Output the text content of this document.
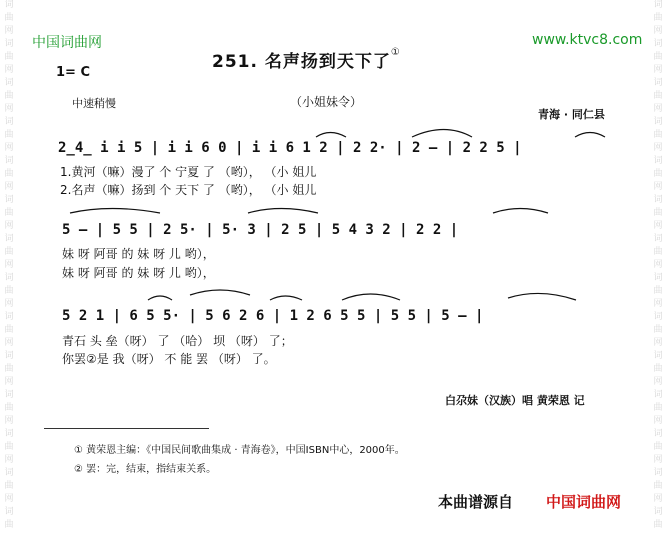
词
曲
网
词
曲
网
词
曲
网
词
曲
网
词
曲
网
词
曲
网
词
曲
网
词
曲
网
词
曲
网
词
曲
网
词
曲
网
词
曲
网
词
曲
网
词
曲
词
曲
网
词
曲
网
词
曲
网
词
曲
网
词
曲
网
词
曲
网
词
曲
网
词
曲
网
词
曲
网
词
曲
网
词
曲
网
词
曲
网
词
曲
网
词
曲
中国词曲网	www.ktvc8.com
251. 名声扬到天下了①
1= C
中速稍慢	（小姐妹令）
青海 · 同仁县
2̲4̲ i i 5 | i i 6 0 | i i 6 1 2 | 2 2· | 2 — | 2 2 5 |
1.黄河（嘛）漫了 个 宁夏 了 （哟）， （小 姐儿
2.名声（嘛）扬到 个 天下 了 （哟）， （小 姐儿
5 — | 5 5 | 2 5· | 5· 3 | 2 5 | 5 4 3 2 | 2 2 |
妹 呀 阿哥 的 妹 呀 儿 哟），
妹 呀 阿哥 的 妹 呀 儿 哟），
5 2 1 | 6 5 5· | 5 6 2 6 | 1 2 6 5 5 | 5 5 | 5 — |
青石 头 垒（呀） 了 （哈） 坝 （呀） 了；
你罢②是 我（呀） 不 能 罢 （呀） 了。
白尕妹（汉族）唱 黄荣恩 记
① 黄荣恩主编：《中国民间歌曲集成 · 青海卷》，中国ISBN中心，2000年。
② 罢：完，结束，指结束关系。
本曲谱源自 中国词曲网
